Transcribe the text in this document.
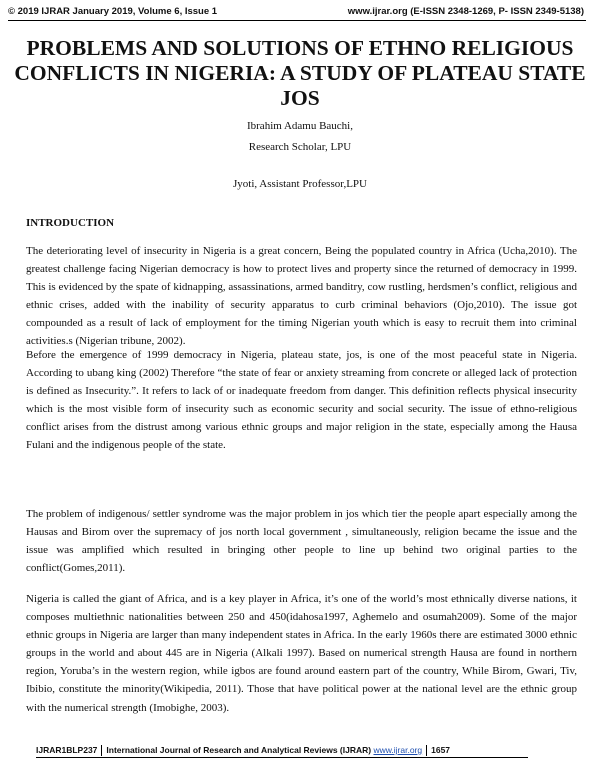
© 2019 IJRAR January 2019, Volume 6, Issue 1	www.ijrar.org (E-ISSN 2348-1269, P- ISSN 2349-5138)
PROBLEMS AND SOLUTIONS OF ETHNO RELIGIOUS CONFLICTS IN NIGERIA: A STUDY OF PLATEAU STATE JOS
Ibrahim Adamu Bauchi,
Research Scholar, LPU
Jyoti, Assistant Professor,LPU
INTRODUCTION

The deteriorating level of insecurity in Nigeria is a great concern, Being the populated country in Africa (Ucha,2010). The greatest challenge facing Nigerian democracy is how to protect lives and property since the returned of democracy in 1999. This is evidenced by the spate of kidnapping, assassinations, armed banditry, cow rustling, herdsmen’s conflict, religious and ethnic crises, added with the inability of security apparatus to curb criminal behaviors (Ojo,2010). The issue got compounded as a result of lack of employment for the timing Nigerian youth which is easy to recruit them into criminal activities.s (Nigerian tribune, 2002).

Before the emergence of 1999 democracy in Nigeria, plateau state, jos, is one of the most peaceful state in Nigeria. According to ubang king (2002) Therefore “the state of fear or anxiety streaming from concrete or alleged lack of protection is defined as Insecurity.”. It refers to lack of or inadequate freedom from danger. This definition reflects physical insecurity which is the most visible form of insecurity such as economic security and social security. The issue of ethno-religious conflict arises from the distrust among various ethnic groups and major religion in the state, especially among the Hausa Fulani and the indigenous people of the state.

The problem of indigenous/ settler syndrome was the major problem in jos which tier the people apart especially among the Hausas and Birom over the supremacy of jos north local government , simultaneously, religion became the issue and the issue was amplified which resulted in bringing other people to line up behind two original parties to the conflict(Gomes,2011).

Nigeria is called the giant of Africa, and is a key player in Africa, it’s one of the world’s most ethnically diverse nations, it composes multiethnic nationalities between 250 and 450(idahosa1997, Aghemelo and osumah2009). Some of the major ethnic groups in Nigeria are larger than many independent states in Africa. In the early 1960s there are estimated 3000 ethnic groups in the world and about 445 are in Nigeria (Alkali 1997). Based on numerical strength Hausa are found in northern region, Yoruba’s in the western region, while igbos are found around eastern part of the country, While Birom, Gwari, Tiv, Ibibio, constitute the minority(Wikipedia, 2011). Those that have political power at the national level are the ethnic group with the numerical strength (Imobighe, 2003).

IJRAR1BLP237 International Journal of Research and Analytical Reviews (IJRAR) www.ijrar.org 1657
